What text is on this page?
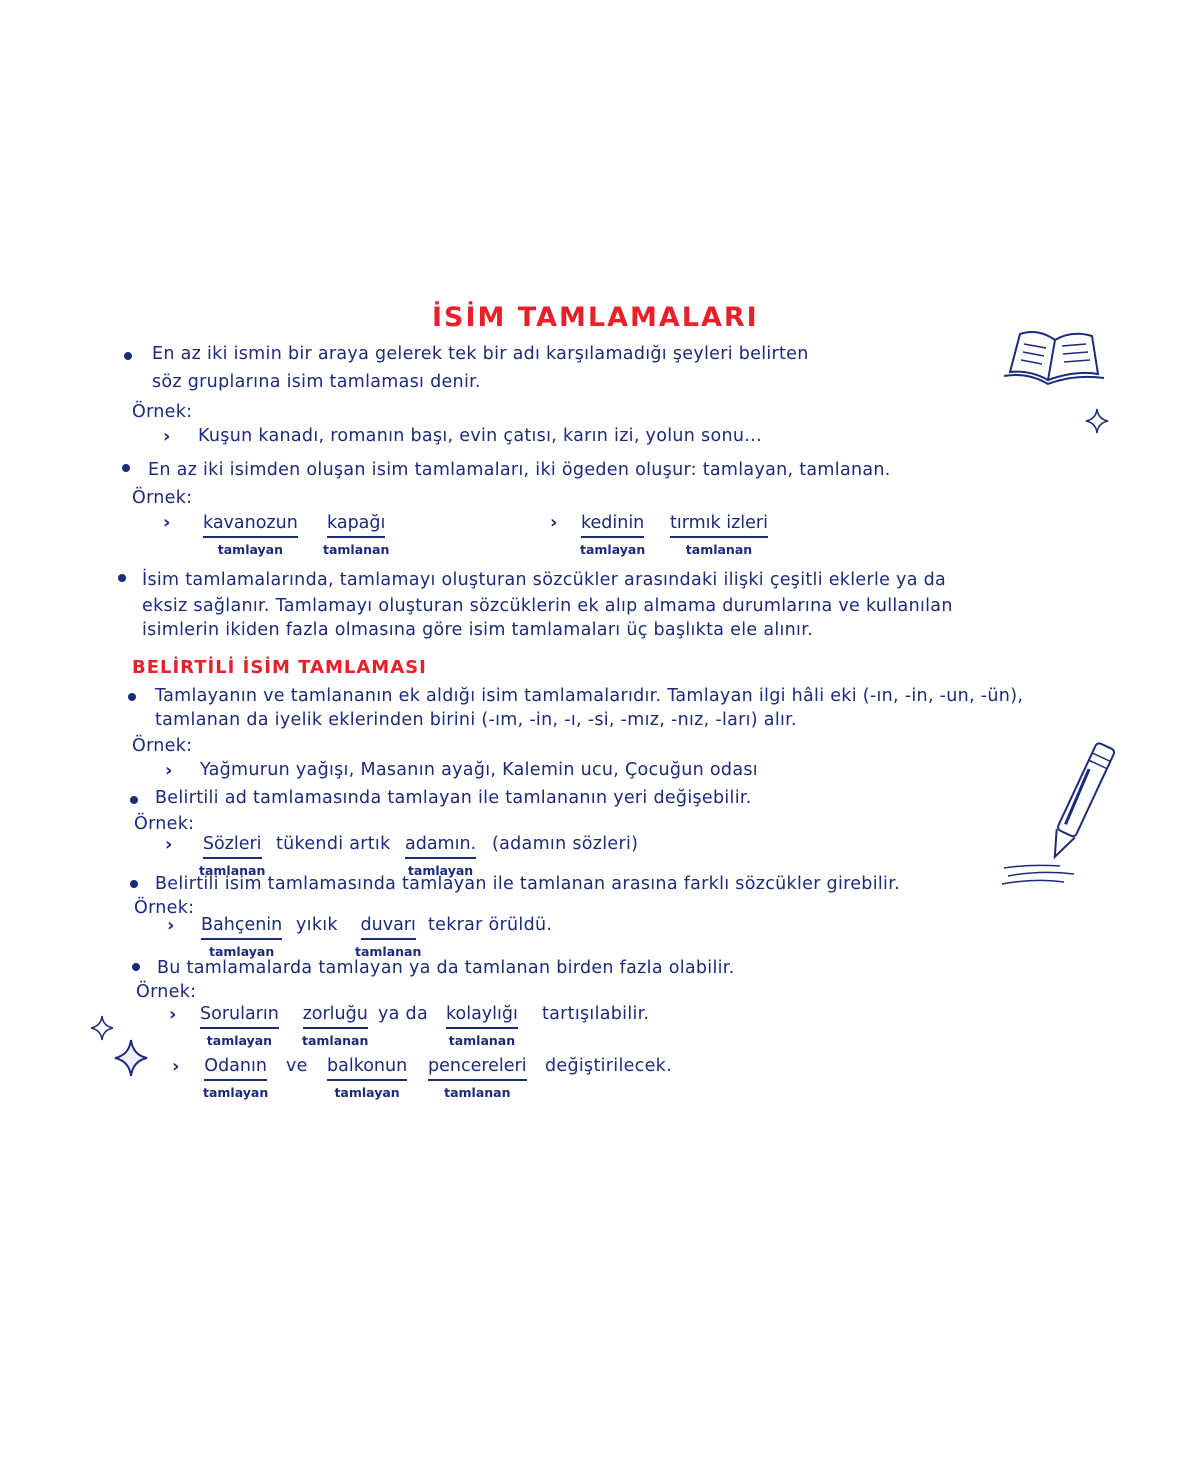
İSİM TAMLAMALARI
En az iki ismin bir araya gelerek tek bir adı karşılamadığı şeyleri belirten
söz gruplarına isim tamlaması denir.
Örnek:
› Kuşun kanadı, romanın başı, evin çatısı, karın izi, yolun sonu...
En az iki isimden oluşan isim tamlamaları, iki ögeden oluşur: tamlayan, tamlanan.
Örnek:
› kavanozun
tamlayan
kapağı
tamlanan
› kedinin
tamlayan
tırmık izleri
tamlanan
İsim tamlamalarında, tamlamayı oluşturan sözcükler arasındaki ilişki çeşitli eklerle ya da
eksiz sağlanır. Tamlamayı oluşturan sözcüklerin ek alıp almama durumlarına ve kullanılan
isimlerin ikiden fazla olmasına göre isim tamlamaları üç başlıkta ele alınır.
BELİRTİLİ İSİM TAMLAMASI
Tamlayanın ve tamlananın ek aldığı isim tamlamalarıdır. Tamlayan ilgi hâli eki (-ın, -in, -un, -ün),
tamlanan da iyelik eklerinden birini (-ım, -in, -ı, -si, -mız, -nız, -ları) alır.
Örnek:
› Yağmurun yağışı, Masanın ayağı, Kalemin ucu, Çocuğun odası
Belirtili ad tamlamasında tamlayan ile tamlananın yeri değişebilir.
Örnek:
› Sözleri
tamlanan
tükendi artık adamın.
tamlayan
(adamın sözleri)
Belirtili isim tamlamasında tamlayan ile tamlanan arasına farklı sözcükler girebilir.
Örnek:
› Bahçenin
tamlayan
yıkık	duvarı
tamlanan
tekrar örüldü.
Bu tamlamalarda tamlayan ya da tamlanan birden fazla olabilir.
Örnek:
› Soruların
tamlayan
zorluğu
tamlanan
ya da kolaylığı
tamlanan
tartışılabilir.
› Odanın
tamlayan
ve balkonun
tamlayan
pencereleri
tamlanan
değiştirilecek.
